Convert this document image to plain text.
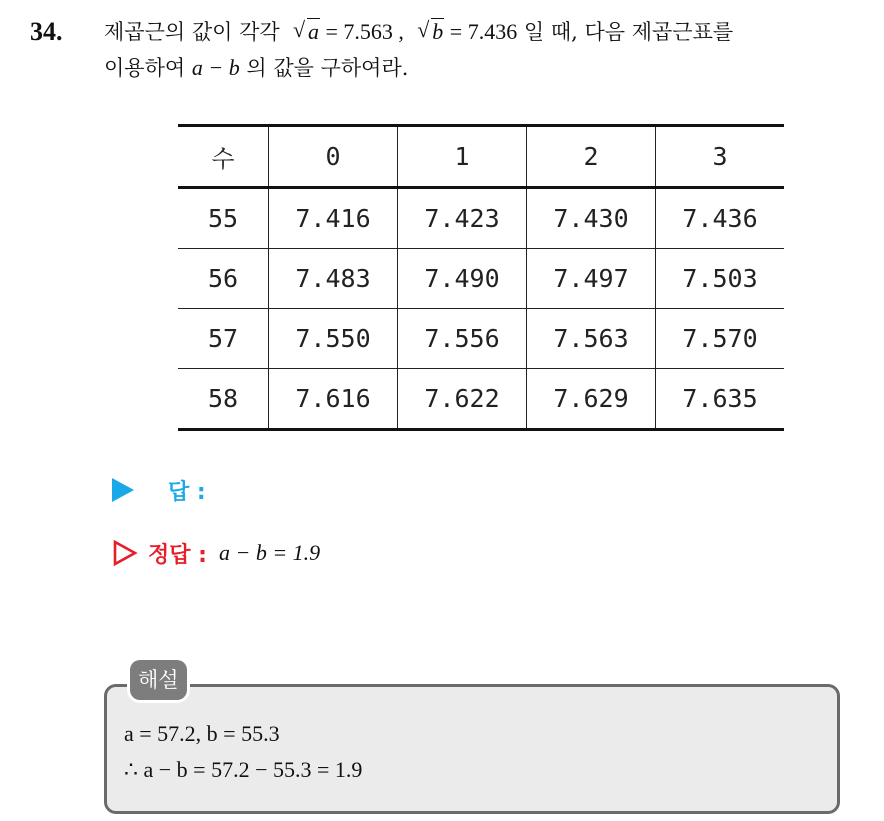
34. 제곱근의 값이 각각 √ a = 7.563 , √ b = 7.436 일 때, 다음 제곱근표를
이용하여 a − b 의 값을 구하여라.
수	0	1	2	3
55	7.416	7.423	7.430	7.436
56	7.483	7.490	7.497	7.503
57	7.550	7.556	7.563	7.570
58	7.616	7.622	7.629	7.635
답 :
정답 : a − b = 1.9
해설
a = 57.2, b = 55.3
∴ a − b = 57.2 − 55.3 = 1.9
